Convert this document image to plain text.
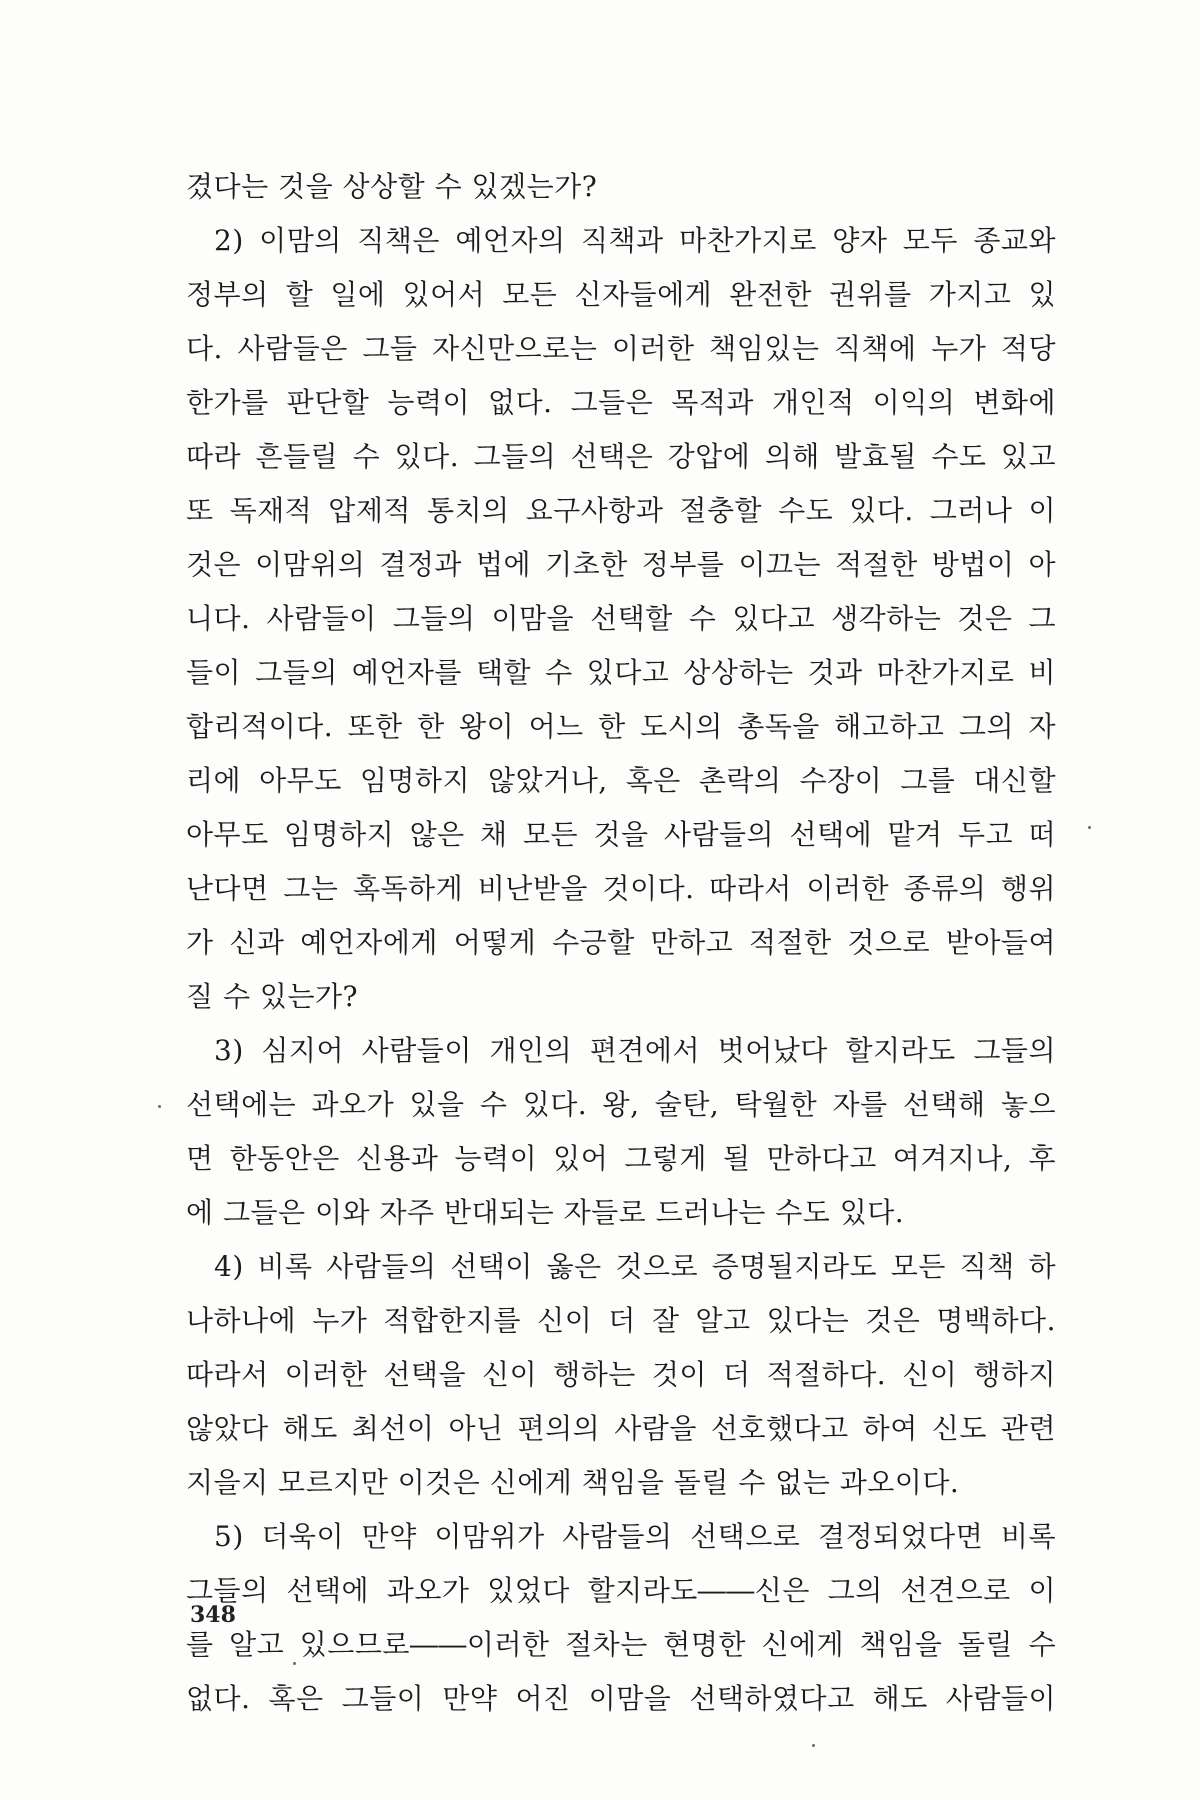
겼다는 것을 상상할 수 있겠는가?
2) 이맘의 직책은 예언자의 직책과 마찬가지로 양자 모두 종교와
정부의 할 일에 있어서 모든 신자들에게 완전한 권위를 가지고 있
다. 사람들은 그들 자신만으로는 이러한 책임있는 직책에 누가 적당
한가를 판단할 능력이 없다. 그들은 목적과 개인적 이익의 변화에
따라 흔들릴 수 있다. 그들의 선택은 강압에 의해 발효될 수도 있고
또 독재적 압제적 통치의 요구사항과 절충할 수도 있다. 그러나 이
것은 이맘위의 결정과 법에 기초한 정부를 이끄는 적절한 방법이 아
니다. 사람들이 그들의 이맘을 선택할 수 있다고 생각하는 것은 그
들이 그들의 예언자를 택할 수 있다고 상상하는 것과 마찬가지로 비
합리적이다. 또한 한 왕이 어느 한 도시의 총독을 해고하고 그의 자
리에 아무도 임명하지 않았거나, 혹은 촌락의 수장이 그를 대신할
아무도 임명하지 않은 채 모든 것을 사람들의 선택에 맡겨 두고 떠
난다면 그는 혹독하게 비난받을 것이다. 따라서 이러한 종류의 행위
가 신과 예언자에게 어떻게 수긍할 만하고 적절한 것으로 받아들여
질 수 있는가?
3) 심지어 사람들이 개인의 편견에서 벗어났다 할지라도 그들의
선택에는 과오가 있을 수 있다. 왕, 술탄, 탁월한 자를 선택해 놓으
면 한동안은 신용과 능력이 있어 그렇게 될 만하다고 여겨지나, 후
에 그들은 이와 자주 반대되는 자들로 드러나는 수도 있다.
4) 비록 사람들의 선택이 옳은 것으로 증명될지라도 모든 직책 하
나하나에 누가 적합한지를 신이 더 잘 알고 있다는 것은 명백하다.
따라서 이러한 선택을 신이 행하는 것이 더 적절하다. 신이 행하지
않았다 해도 최선이 아닌 편의의 사람을 선호했다고 하여 신도 관련
지을지 모르지만 이것은 신에게 책임을 돌릴 수 없는 과오이다.
5) 더욱이 만약 이맘위가 사람들의 선택으로 결정되었다면 비록
그들의 선택에 과오가 있었다 할지라도――신은 그의 선견으로 이
를 알고 있으므로――이러한 절차는 현명한 신에게 책임을 돌릴 수
없다. 혹은 그들이 만약 어진 이맘을 선택하였다고 해도 사람들이
348
